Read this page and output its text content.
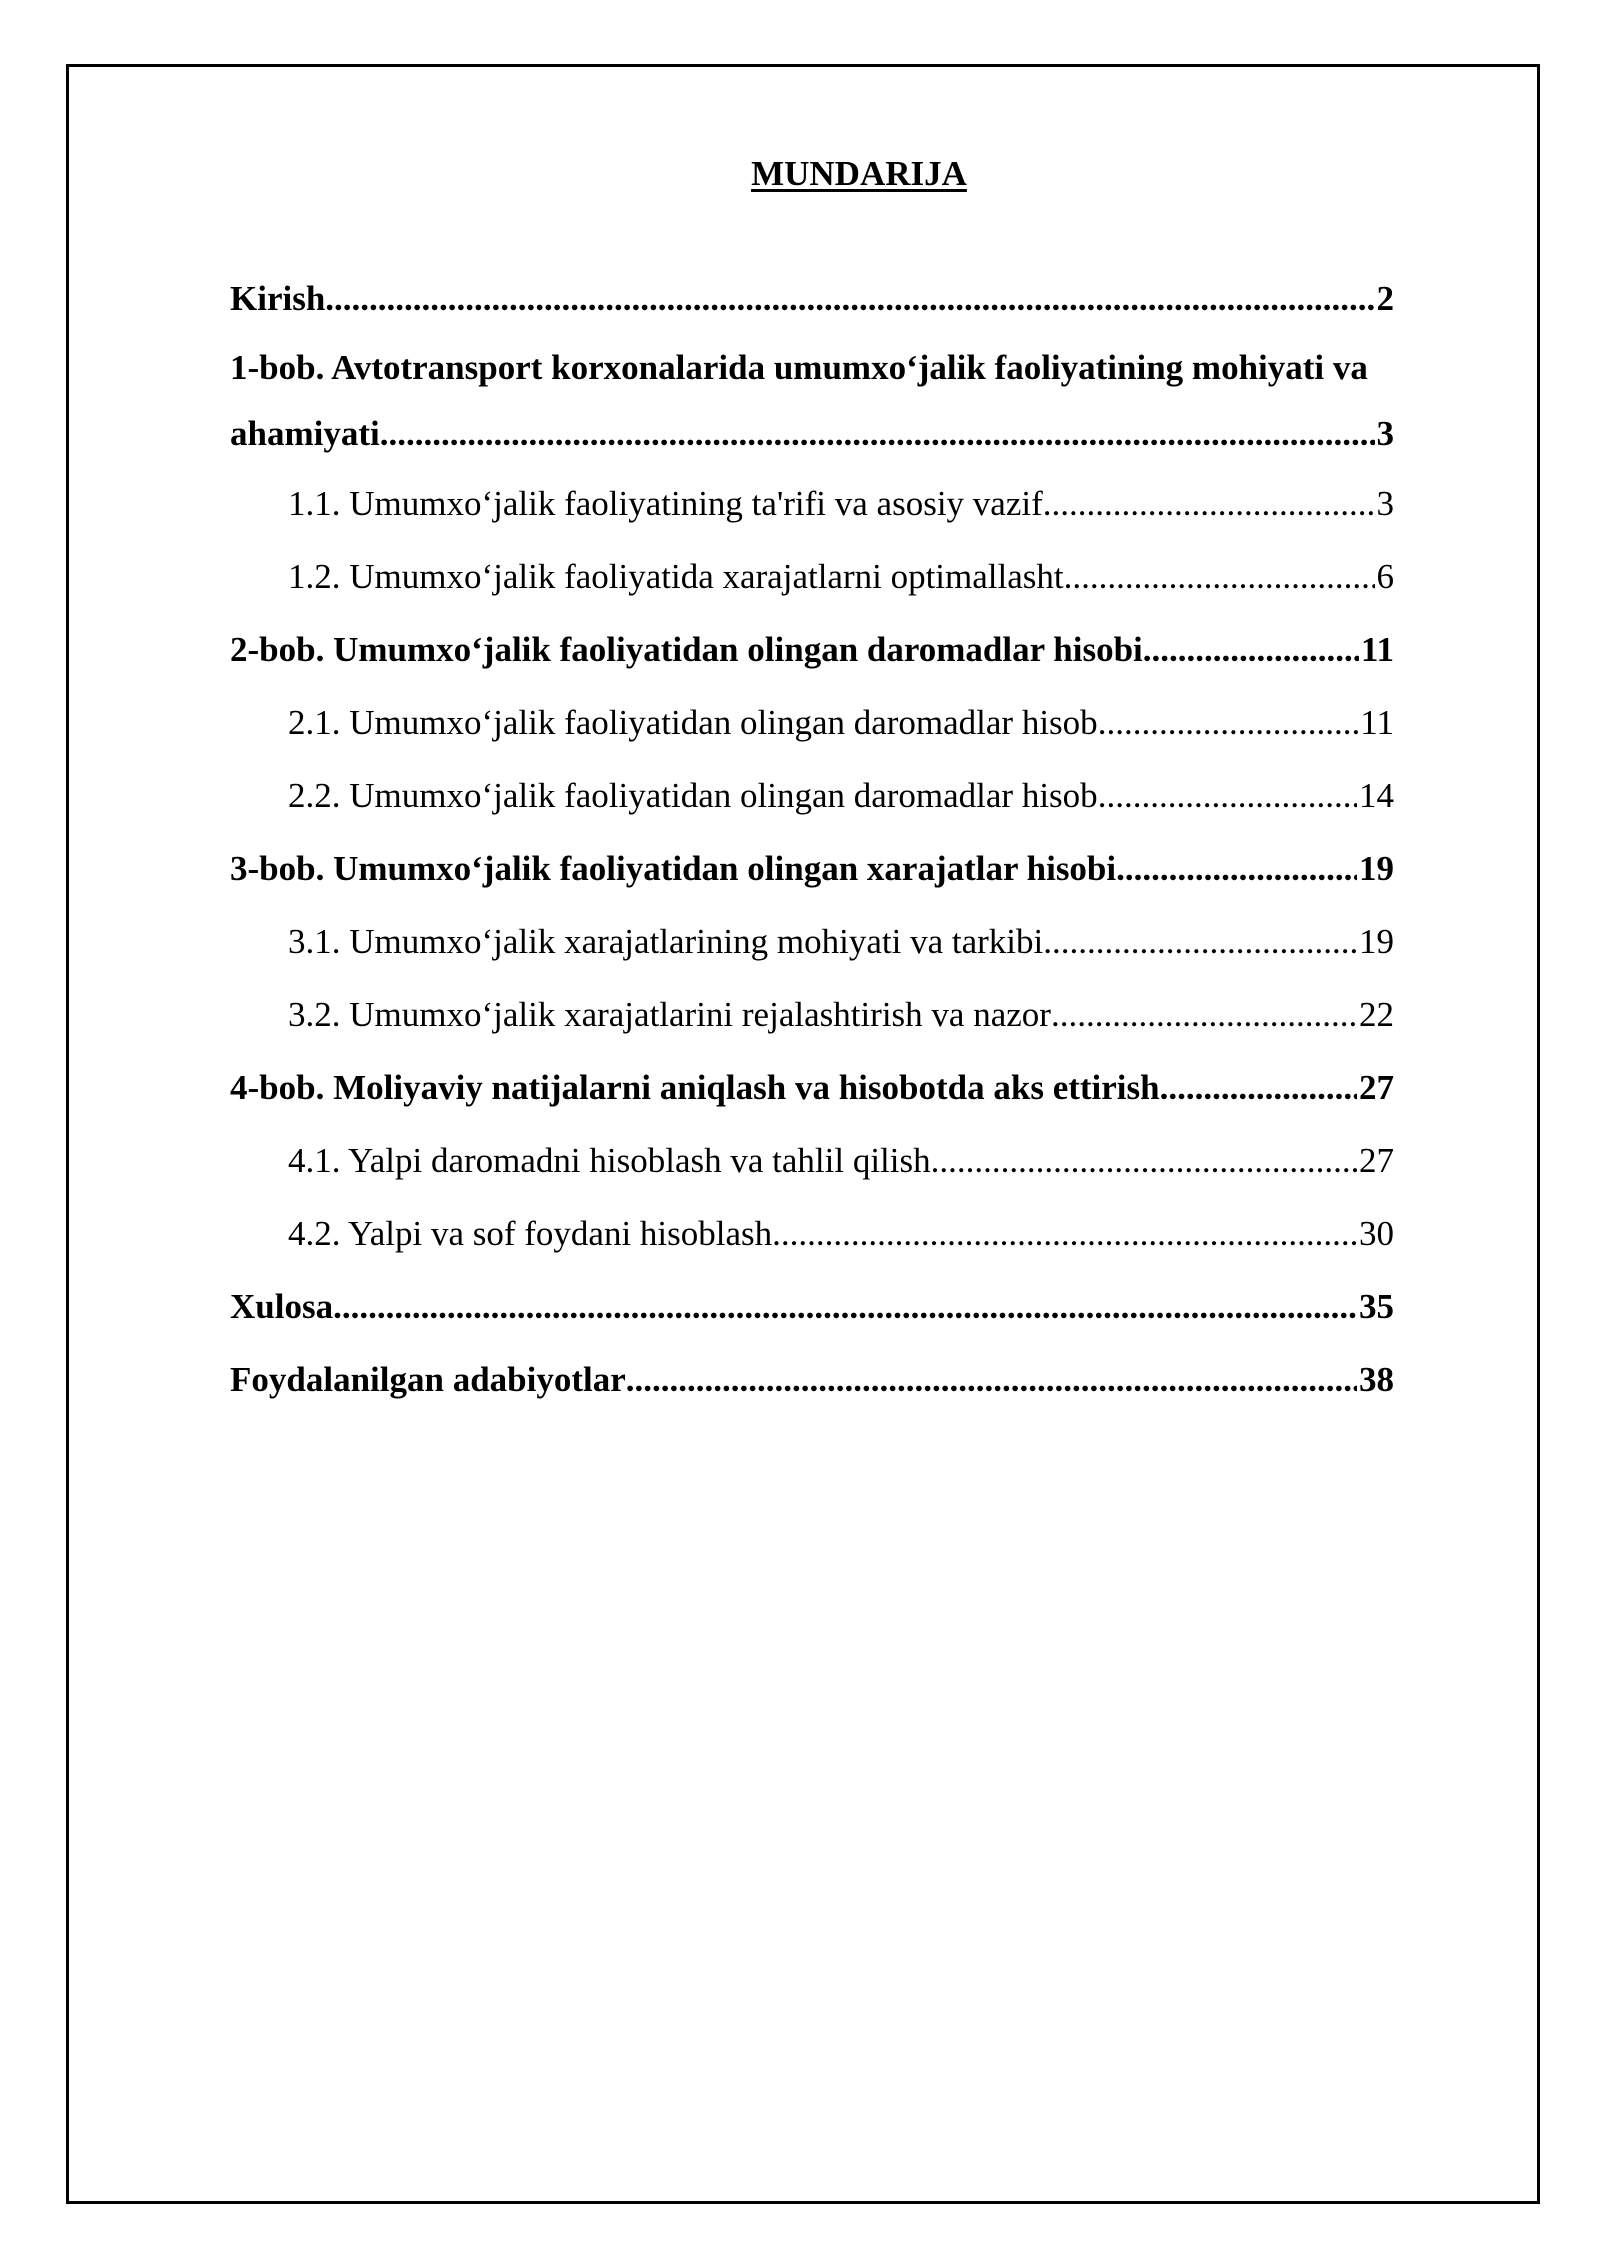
MUNDARIJA
Kirish .....	2
1-bob. Avtotransport korxonalarida umumxo‘jalik faoliyatining mohiyati va
ahamiyati .....	3
1.1. Umumxo‘jalik faoliyatining ta'rifi va asosiy vazif .....	3
1.2. Umumxo‘jalik faoliyatida xarajatlarni optimallasht .....	6
2-bob. Umumxo‘jalik faoliyatidan olingan daromadlar hisobi .....	11
2.1. Umumxo‘jalik faoliyatidan olingan daromadlar hisob .....	11
2.2. Umumxo‘jalik faoliyatidan olingan daromadlar hisob .....	14
3-bob. Umumxo‘jalik faoliyatidan olingan xarajatlar hisobi .....	19
3.1. Umumxo‘jalik xarajatlarining mohiyati va tarkibi .....	19
3.2. Umumxo‘jalik xarajatlarini rejalashtirish va nazor .....	22
4-bob. Moliyaviy natijalarni aniqlash va hisobotda aks ettirish .....	27
4.1. Yalpi daromadni hisoblash va tahlil qilish .....	27
4.2. Yalpi va sof foydani hisoblash .....	30
Xulosa .....	35
Foydalanilgan adabiyotlar .....	38
